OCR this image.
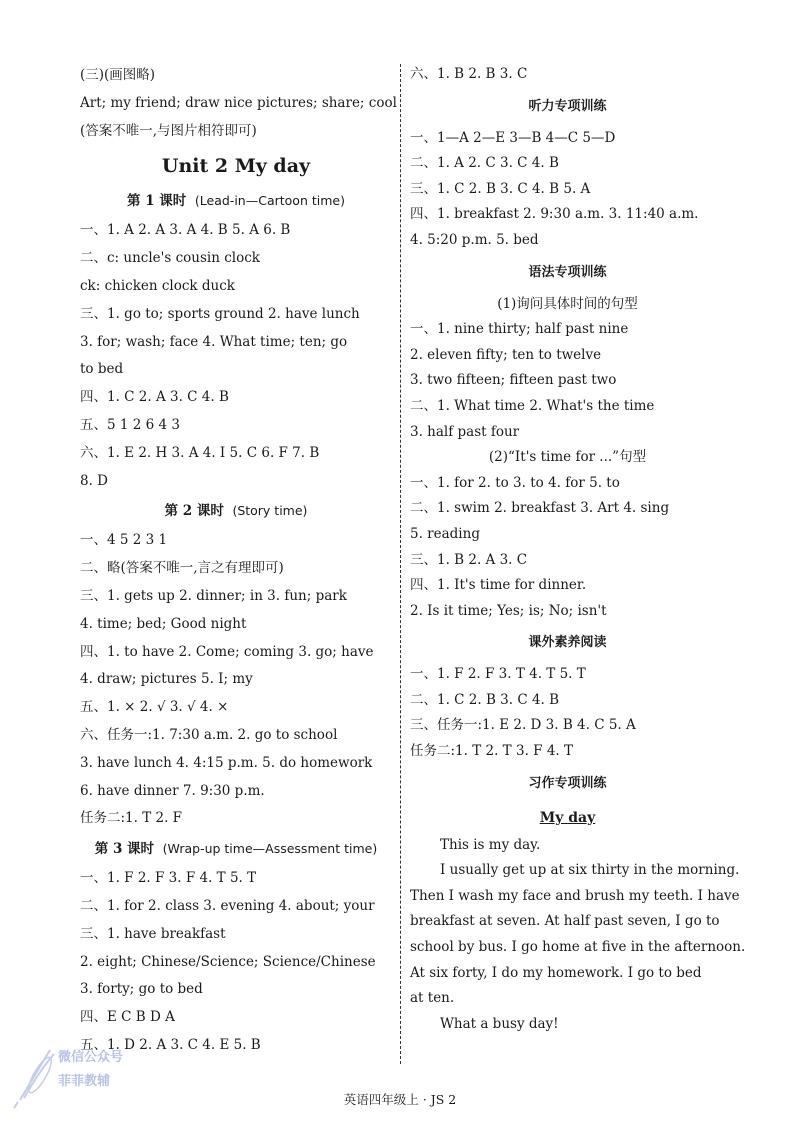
(三)(画图略)
Art; my friend; draw nice pictures; share; cool
(答案不唯一,与图片相符即可)
Unit 2 My day
第 1 课时 (Lead-in—Cartoon time)
一、1. A 2. A 3. A 4. B 5. A 6. B
二、c: uncle's cousin clock
ck: chicken clock duck
三、1. go to; sports ground 2. have lunch
3. for; wash; face 4. What time; ten; go
to bed
四、1. C 2. A 3. C 4. B
五、5 1 2 6 4 3
六、1. E 2. H 3. A 4. I 5. C 6. F 7. B
8. D
第 2 课时 (Story time)
一、4 5 2 3 1
二、略(答案不唯一,言之有理即可)
三、1. gets up 2. dinner; in 3. fun; park
4. time; bed; Good night
四、1. to have 2. Come; coming 3. go; have
4. draw; pictures 5. I; my
五、1. × 2. √ 3. √ 4. ×
六、任务一:1. 7:30 a.m. 2. go to school
3. have lunch 4. 4:15 p.m. 5. do homework
6. have dinner 7. 9:30 p.m.
任务二:1. T 2. F
第 3 课时 (Wrap-up time—Assessment time)
一、1. F 2. F 3. F 4. T 5. T
二、1. for 2. class 3. evening 4. about; your
三、1. have breakfast
2. eight; Chinese/Science; Science/Chinese
3. forty; go to bed
四、E C B D A
五、1. D 2. A 3. C 4. E 5. B
六、1. B 2. B 3. C
听力专项训练
一、1—A 2—E 3—B 4—C 5—D
二、1. A 2. C 3. C 4. B
三、1. C 2. B 3. C 4. B 5. A
四、1. breakfast 2. 9:30 a.m. 3. 11:40 a.m.
4. 5:20 p.m. 5. bed
语法专项训练
(1)询问具体时间的句型
一、1. nine thirty; half past nine
2. eleven fifty; ten to twelve
3. two fifteen; fifteen past two
二、1. What time 2. What's the time
3. half past four
(2)“It's time for ...”句型
一、1. for 2. to 3. to 4. for 5. to
二、1. swim 2. breakfast 3. Art 4. sing
5. reading
三、1. B 2. A 3. C
四、1. It's time for dinner.
2. Is it time; Yes; is; No; isn't
课外素养阅读
一、1. F 2. F 3. T 4. T 5. T
二、1. C 2. B 3. C 4. B
三、任务一:1. E 2. D 3. B 4. C 5. A
任务二:1. T 2. T 3. F 4. T
习作专项训练
My day
This is my day.
I usually get up at six thirty in the morning.
Then I wash my face and brush my teeth. I have
breakfast at seven. At half past seven, I go to
school by bus. I go home at five in the afternoon.
At six forty, I do my homework. I go to bed
at ten.
What a busy day!
英语四年级上 · JS 2
微信公众号
菲菲教辅
